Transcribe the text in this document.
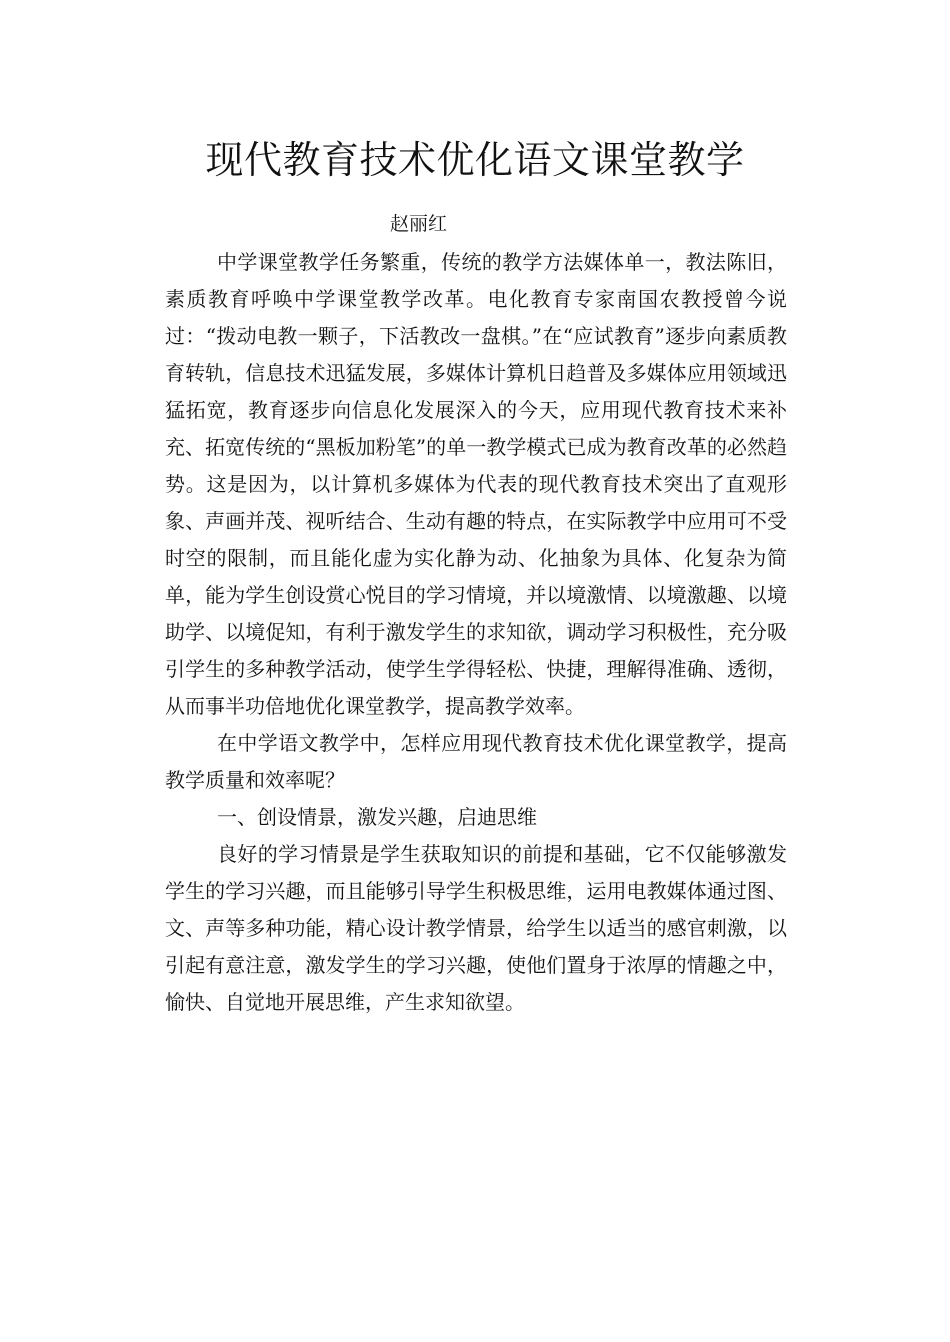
现代教育技术优化语文课堂教学
赵丽红

中学课堂教学任务繁重，传统的教学方法媒体单一，教法陈旧，素质教育呼唤中学课堂教学改革。电化教育专家南国农教授曾今说过：“拨动电教一颗子，下活教改一盘棋。”在“应试教育”逐步向素质教育转轨，信息技术迅猛发展，多媒体计算机日趋普及多媒体应用领域迅猛拓宽，教育逐步向信息化发展深入的今天，应用现代教育技术来补充、拓宽传统的“黑板加粉笔”的单一教学模式已成为教育改革的必然趋势。这是因为，以计算机多媒体为代表的现代教育技术突出了直观形象、声画并茂、视听结合、生动有趣的特点，在实际教学中应用可不受时空的限制，而且能化虚为实化静为动、化抽象为具体、化复杂为简单，能为学生创设赏心悦目的学习情境，并以境激情、以境激趣、以境助学、以境促知，有利于激发学生的求知欲，调动学习积极性，充分吸引学生的多种教学活动，使学生学得轻松、快捷，理解得准确、透彻，从而事半功倍地优化课堂教学，提高教学效率。

在中学语文教学中，怎样应用现代教育技术优化课堂教学，提高教学质量和效率呢？

一、创设情景，激发兴趣，启迪思维

良好的学习情景是学生获取知识的前提和基础，它不仅能够激发学生的学习兴趣，而且能够引导学生积极思维，运用电教媒体通过图、文、声等多种功能，精心设计教学情景，给学生以适当的感官刺激，以引起有意注意，激发学生的学习兴趣，使他们置身于浓厚的情趣之中，愉快、自觉地开展思维，产生求知欲望。
